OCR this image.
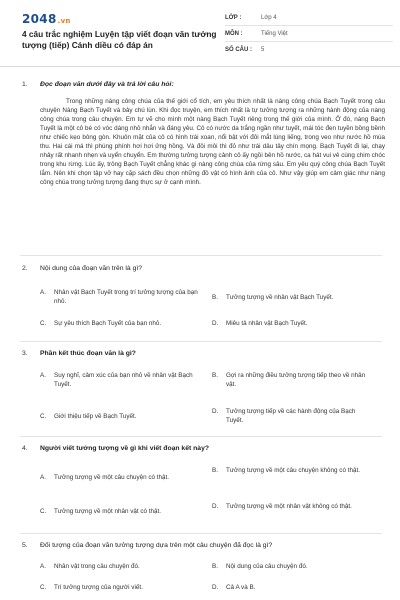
2048.vn
4 câu trắc nghiệm Luyện tập viết đoạn văn tưởng tượng (tiếp) Cánh diều có đáp án
LỚP :	Lớp 4
MÔN :	Tiếng Việt
SỐ CÂU :	5
1. Đọc đoạn văn dưới đây và trả lời câu hỏi:
Trong những nàng công chúa của thế giới cổ tích, em yêu thích nhất là nàng công chúa Bạch Tuyết trong câu chuyện Nàng Bạch Tuyết và bảy chú lùn. Khi đọc truyện, em thích nhất là tự tưởng tượng ra những hành động của nàng công chúa trong câu chuyện. Em tự vẽ cho mình một nàng Bạch Tuyết riêng trong thế giới của mình. Ở đó, nàng Bạch Tuyết là một cô bé có vóc dáng nhỏ nhắn và đáng yêu. Cô có nước da trắng ngần như tuyết, mái tóc đen tuyền bồng bềnh như chiếc kẹo bông gòn. Khuôn mặt của cô có hình trái xoan, nổi bật với đôi mắt lúng liếng, trong veo như nước hồ mùa thu. Hai cái má thì phúng phính hơi hơi ửng hồng. Và đôi môi thì đỏ như trái dâu tây chín mọng. Bạch Tuyết đi lại, chạy nhảy rất nhanh nhẹn và uyển chuyển. Em thường tưởng tượng cảnh cô ấy ngồi bên hồ nước, ca hát vui vẻ cùng chim chóc trong khu rừng. Lúc ấy, trông Bạch Tuyết chẳng khác gì nàng công chúa của rừng sâu. Em yêu quý công chúa Bạch Tuyết lắm. Nên khi chọn tập vở hay cặp sách đều chọn những đồ vật có hình ảnh của cô. Như vậy giúp em cảm giác như nàng công chúa trong tưởng tượng đang thực sự ở cạnh mình.
2. Nội dung của đoạn văn trên là gì?
A.	Nhân vật Bạch Tuyết trong trí tưởng tượng của bạn nhỏ.
B.	Tưởng tượng về nhân vật Bạch Tuyết.
C.	Sự yêu thích Bạch Tuyết của bạn nhỏ.	D.	Miêu tả nhân vật Bạch Tuyết.
3. Phần kết thúc đoạn văn là gì?
A.	Suy nghĩ, cảm xúc của bạn nhỏ về nhân vật Bạch Tuyết.
B.	Gợi ra những điều tưởng tượng tiếp theo về nhân vật.
C.	Giới thiệu tiếp về Bạch Tuyết.
D.	Tưởng tượng tiếp về các hành động của Bạch Tuyết.
4. Người viết tưởng tượng về gì khi viết đoạn kết này?
A.	Tưởng tượng về một câu chuyện có thật.
B.	Tưởng tượng về một câu chuyện không có thật.
C.	Tưởng tượng về một nhân vật có thật.
D.	Tưởng tượng về một nhân vật không có thật.
5. Đối tượng của đoạn văn tưởng tượng dựa trên một câu chuyện đã đọc là gì?
A.	Nhân vật trong câu chuyện đó.	B.	Nội dung của câu chuyện đó.
C.	Trí tưởng tượng của người viết.	D.	Cả A và B.
